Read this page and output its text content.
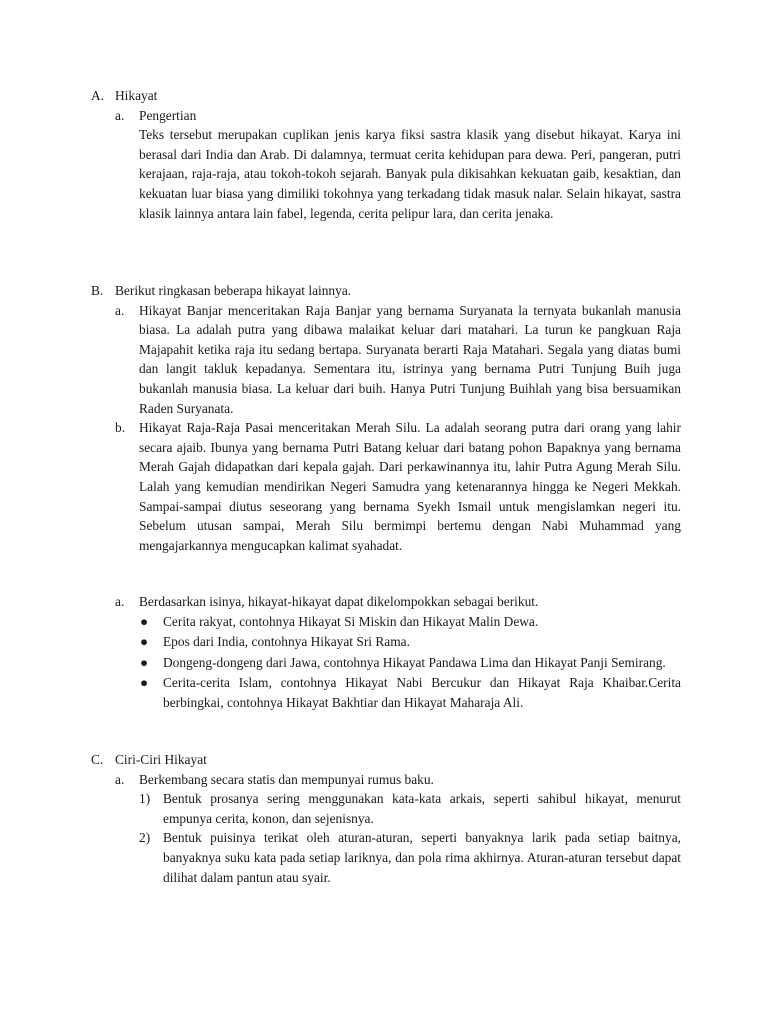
A. Hikayat
a. Pengertian
Teks tersebut merupakan cuplikan jenis karya fiksi sastra klasik yang disebut hikayat. Karya ini berasal dari India dan Arab. Di dalamnya, termuat cerita kehidupan para dewa. Peri, pangeran, putri kerajaan, raja-raja, atau tokoh-tokoh sejarah. Banyak pula dikisahkan kekuatan gaib, kesaktian, dan kekuatan luar biasa yang dimiliki tokohnya yang terkadang tidak masuk nalar. Selain hikayat, sastra klasik lainnya antara lain fabel, legenda, cerita pelipur lara, dan cerita jenaka.
B. Berikut ringkasan beberapa hikayat lainnya.
a. Hikayat Banjar menceritakan Raja Banjar yang bernama Suryanata la ternyata bukanlah manusia biasa. La adalah putra yang dibawa malaikat keluar dari matahari. La turun ke pangkuan Raja Majapahit ketika raja itu sedang bertapa. Suryanata berarti Raja Matahari. Segala yang diatas bumi dan langit takluk kepadanya. Sementara itu, istrinya yang bernama Putri Tunjung Buih juga bukanlah manusia biasa. La keluar dari buih. Hanya Putri Tunjung Buihlah yang bisa bersuamikan Raden Suryanata.
b. Hikayat Raja-Raja Pasai menceritakan Merah Silu. La adalah seorang putra dari orang yang lahir secara ajaib. Ibunya yang bernama Putri Batang keluar dari batang pohon Bapaknya yang bernama Merah Gajah didapatkan dari kepala gajah. Dari perkawinannya itu, lahir Putra Agung Merah Silu. Lalah yang kemudian mendirikan Negeri Samudra yang ketenarannya hingga ke Negeri Mekkah. Sampai-sampai diutus seseorang yang bernama Syekh Ismail untuk mengislamkan negeri itu. Sebelum utusan sampai, Merah Silu bermimpi bertemu dengan Nabi Muhammad yang mengajarkannya mengucapkan kalimat syahadat.
a. Berdasarkan isinya, hikayat-hikayat dapat dikelompokkan sebagai berikut.
● Cerita rakyat, contohnya Hikayat Si Miskin dan Hikayat Malin Dewa.
● Epos dari India, contohnya Hikayat Sri Rama.
● Dongeng-dongeng dari Jawa, contohnya Hikayat Pandawa Lima dan Hikayat Panji Semirang.
● Cerita-cerita Islam, contohnya Hikayat Nabi Bercukur dan Hikayat Raja Khaibar.Cerita berbingkai, contohnya Hikayat Bakhtiar dan Hikayat Maharaja Ali.
C. Ciri-Ciri Hikayat
a. Berkembang secara statis dan mempunyai rumus baku.
1) Bentuk prosanya sering menggunakan kata-kata arkais, seperti sahibul hikayat, menurut empunya cerita, konon, dan sejenisnya.
2) Bentuk puisinya terikat oleh aturan-aturan, seperti banyaknya larik pada setiap baitnya, banyaknya suku kata pada setiap lariknya, dan pola rima akhirnya. Aturan-aturan tersebut dapat dilihat dalam pantun atau syair.
